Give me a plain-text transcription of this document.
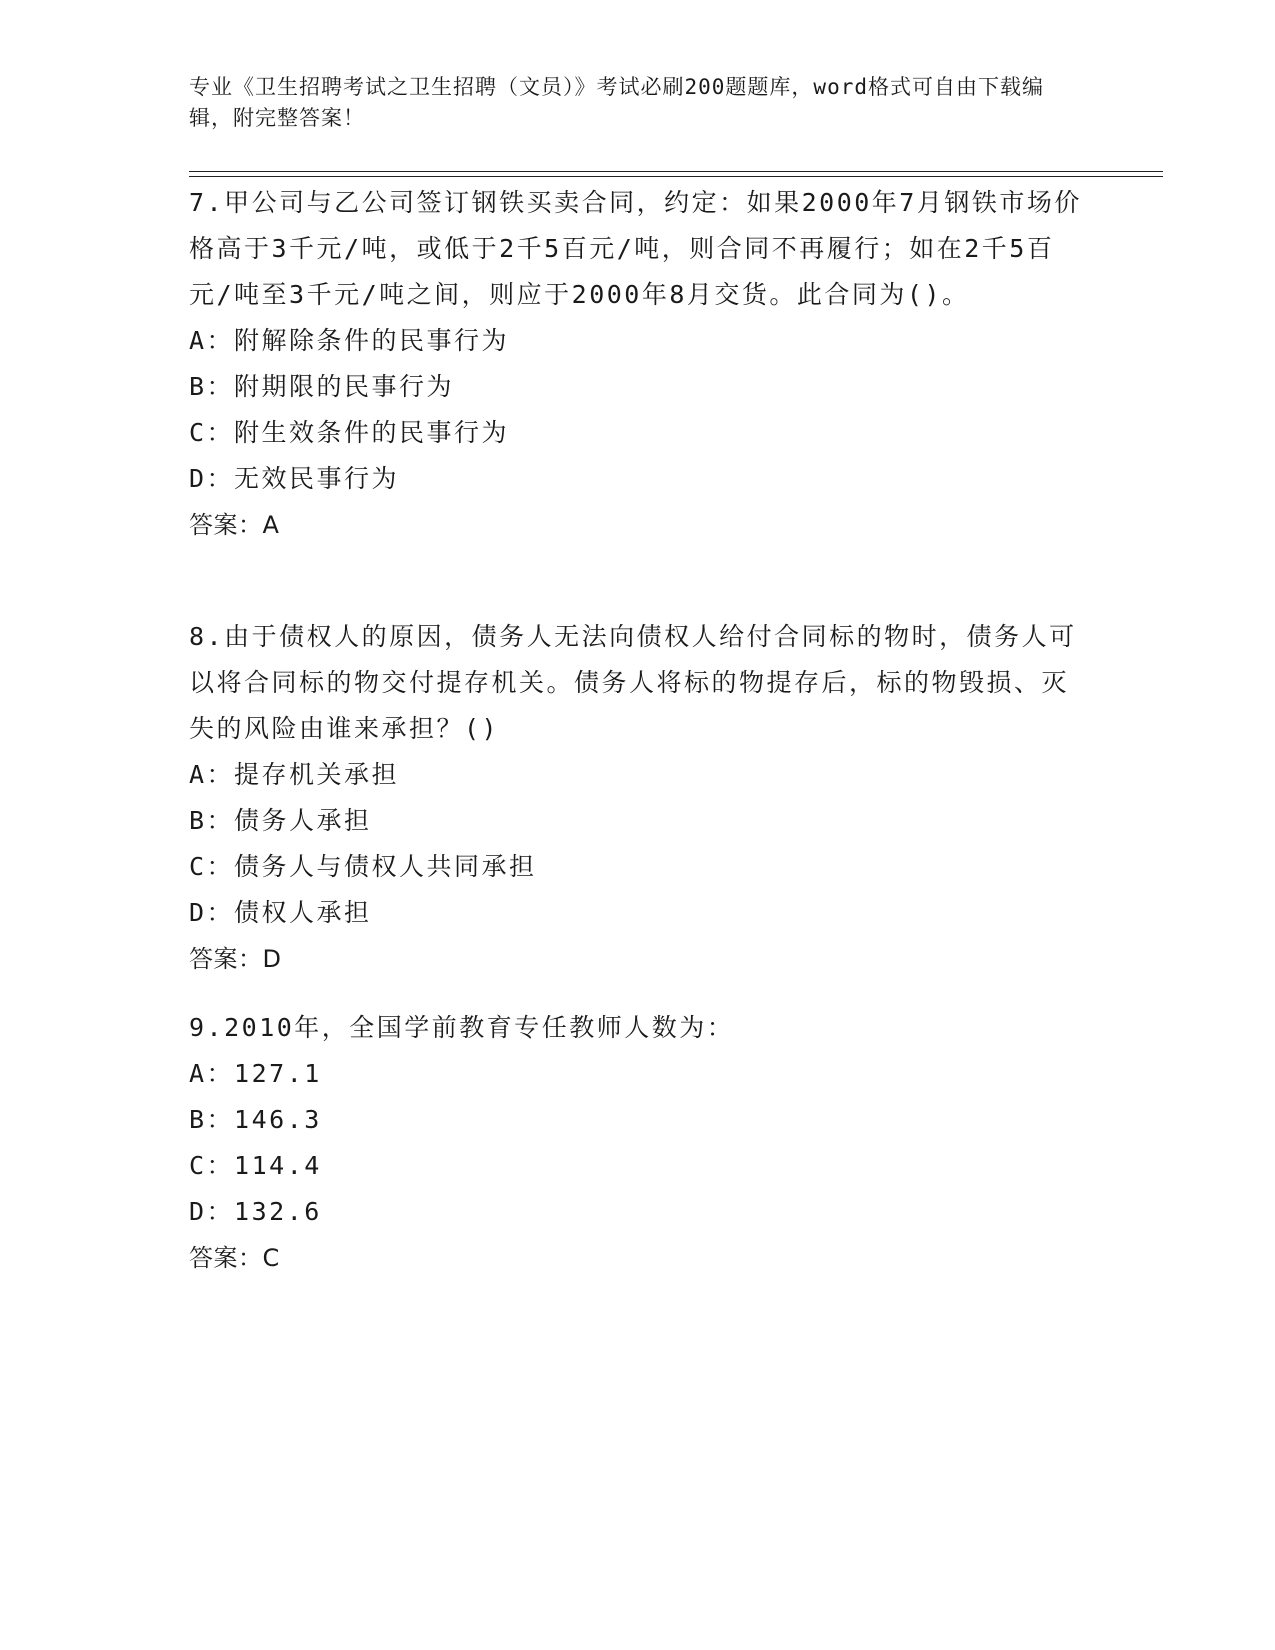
专业《卫生招聘考试之卫生招聘（文员）》考试必刷200题题库，word格式可自由下载编辑，附完整答案！
7.甲公司与乙公司签订钢铁买卖合同，约定：如果2000年7月钢铁市场价格高于3千元/吨，或低于2千5百元/吨，则合同不再履行；如在2千5百元/吨至3千元/吨之间，则应于2000年8月交货。此合同为()。
A：附解除条件的民事行为
B：附期限的民事行为
C：附生效条件的民事行为
D：无效民事行为
答案：A
8.由于债权人的原因，债务人无法向债权人给付合同标的物时，债务人可以将合同标的物交付提存机关。债务人将标的物提存后，标的物毁损、灭失的风险由谁来承担？()
A：提存机关承担
B：债务人承担
C：债务人与债权人共同承担
D：债权人承担
答案：D
9.2010年，全国学前教育专任教师人数为：
A：127.1
B：146.3
C：114.4
D：132.6
答案：C
